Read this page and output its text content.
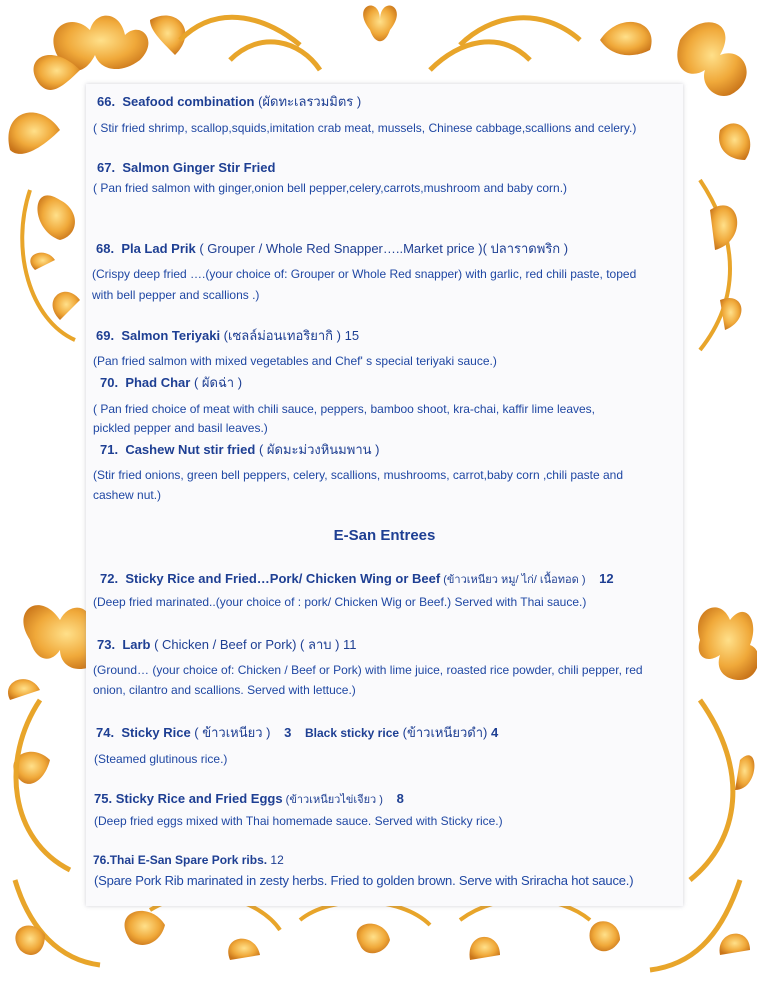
66. Seafood combination (ผัดทะเลรวมมิตร )
( Stir fried shrimp, scallop,squids,imitation crab meat, mussels, Chinese cabbage,scallions and celery.)
67. Salmon Ginger Stir Fried
( Pan fried salmon with ginger,onion bell pepper,celery,carrots,mushroom and baby corn.)
68. Pla Lad Prik ( Grouper / Whole Red Snapper…..Market price )( ปลาราดพริก )
(Crispy deep fried ….(your choice of: Grouper or Whole Red snapper) with garlic, red chili paste, toped
with bell pepper and scallions .)
69. Salmon Teriyaki (เซลล์ม่อนเทอริยากิ ) 15
(Pan fried salmon with mixed vegetables and Chef' s special teriyaki sauce.)
70. Phad Char ( ผัดฉ่า )
( Pan fried choice of meat with chili sauce, peppers, bamboo shoot, kra-chai, kaffir lime leaves,
pickled pepper and basil leaves.)
71. Cashew Nut stir fried ( ผัดมะม่วงหินมพาน )
(Stir fried onions, green bell peppers, celery, scallions, mushrooms, carrot,baby corn ,chili paste and
cashew nut.)
E-San Entrees
72. Sticky Rice and Fried…Pork/ Chicken Wing or Beef (ข้าวเหนียว หมู/ ไก่/ เนื้อทอด ) 12
(Deep fried marinated..(your choice of : pork/ Chicken Wig or Beef.) Served with Thai sauce.)
73. Larb ( Chicken / Beef or Pork) ( ลาบ ) 11
(Ground… (your choice of: Chicken / Beef or Pork) with lime juice, roasted rice powder, chili pepper, red
onion, cilantro and scallions. Served with lettuce.)
74. Sticky Rice ( ข้าวเหนียว ) 3 Black sticky rice (ข้าวเหนียวดำ) 4
(Steamed glutinous rice.)
75. Sticky Rice and Fried Eggs (ข้าวเหนียวไข่เจียว ) 8
(Deep fried eggs mixed with Thai homemade sauce. Served with Sticky rice.)
76.Thai E-San Spare Pork ribs. 12
(Spare Pork Rib marinated in zesty herbs. Fried to golden brown. Serve with Sriracha hot sauce.)
